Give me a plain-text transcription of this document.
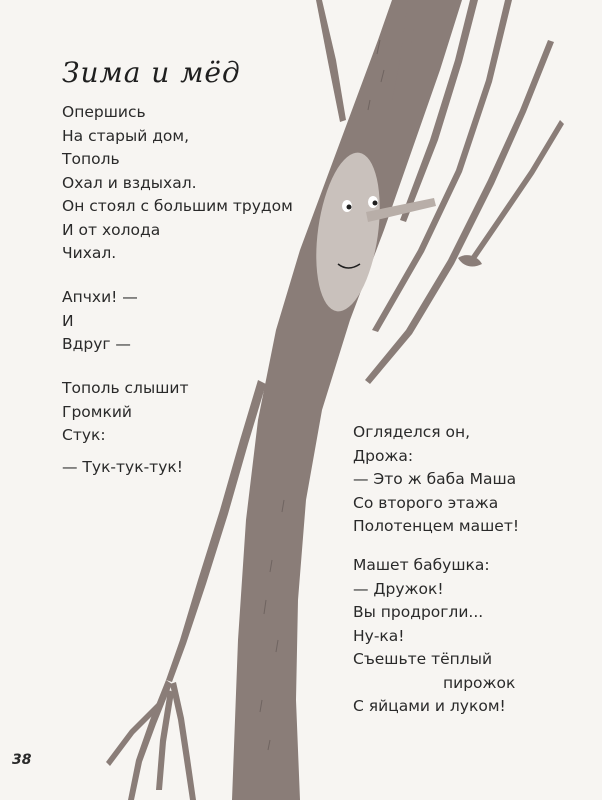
Зима и мёд
Опершись
На старый дом,
Тополь
Охал и вздыхал.
Он стоял с большим трудом
И от холода
Чихал.
Апчхи! —
И
Вдруг —
Тополь слышит
Громкий
Стук:
— Тук-тук-тук!
Огляделся он,
Дрожа:
— Это ж баба Маша
Со второго этажа
Полотенцем машет!
Машет бабушка:
— Дружок!
Вы продрогли...
Ну-ка!
Съешьте тёплый
пирожок
С яйцами и луком!

38
